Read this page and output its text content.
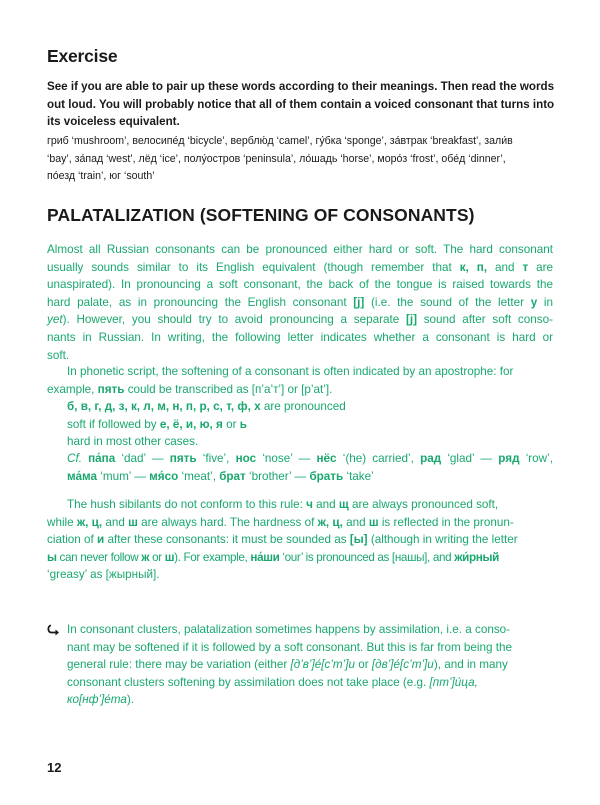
Exercise
See if you are able to pair up these words according to their meanings. Then read the words
out loud. You will probably notice that all of them contain a voiced consonant that turns into
its voiceless equivalent.
гриб ‘mushroom’, велосипе́д ‘bicycle’, верблю́д ‘camel’, гу́бка ‘sponge’, за́втрак ‘breakfast’, зали́в
‘bay’, за́пад ‘west’, лёд ‘ice’, полу́остров ‘peninsula’, ло́шадь ‘horse’, моро́з ‘frost’, обе́д ‘dinner’,
по́езд ‘train’, юг ‘south’
PALATALIZATION (SOFTENING OF CONSONANTS)
Almost all Russian consonants can be pronounced either hard or soft. The hard consonant
usually sounds similar to its English equivalent (though remember that к, п, and т are
unaspirated). In pronouncing a soft consonant, the back of the tongue is raised towards the
hard palate, as in pronouncing the English consonant [j] (i.e. the sound of the letter y in
yet). However, you should try to avoid pronouncing a separate [j] sound after soft conso-
nants in Russian. In writing, the following letter indicates whether a consonant is hard or
soft.
In phonetic script, the softening of a consonant is often indicated by an apostrophe: for
example, пять could be transcribed as [п’а’т’] or [р’аt’].
б, в, г, д, з, к, л, м, н, п, р, с, т, ф, х are pronounced
soft if followed by е, ё, и, ю, я or ь
hard in most other cases.
Cf. па́па ‘dad’ — пять ‘five’, нос ‘nose’ — нёс ‘(he) carried’, рад ‘glad’ — ряд ‘row’,
ма́ма ‘mum’ — мя́со ‘meat’, брат ‘brother’ — брать ‘take’
The hush sibilants do not conform to this rule: ч and щ are always pronounced soft,
while ж, ц, and ш are always hard. The hardness of ж, ц, and ш is reflected in the pronun-
ciation of и after these consonants: it must be sounded as [ы] (although in writing the letter
ы can never follow ж or ш). For example, на́ши ‘our’ is pronounced as [нашы], and жи́рный
‘greasy’ as [жырный].
In consonant clusters, palatalization sometimes happens by assimilation, i.e. a conso-
nant may be softened if it is followed by a soft consonant. But this is far from being the
general rule: there may be variation (either [д’в’]е́[с’т’]и or [дв’]е́[с’т’]и), and in many
consonant clusters softening by assimilation does not take place (e.g. [пт’]и́ца,
ко[нф’]е́та).
12
